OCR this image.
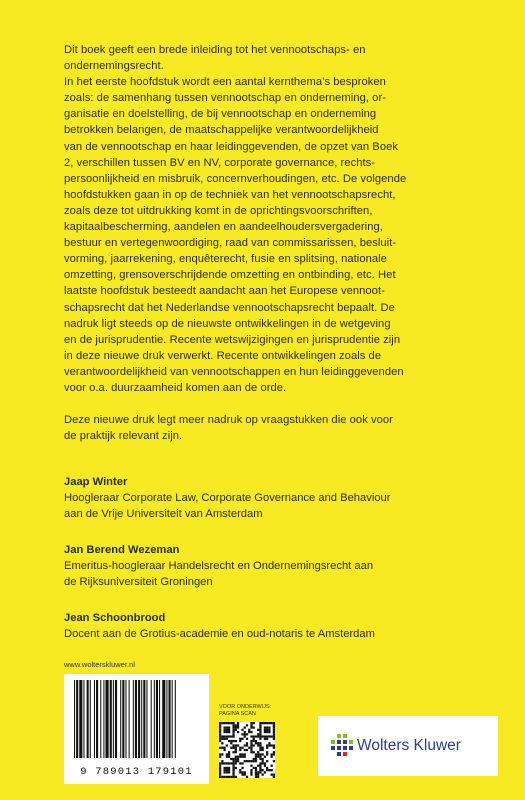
Dit boek geeft een brede inleiding tot het vennootschaps- en

ondernemingsrecht.

In het eerste hoofdstuk wordt een aantal kernthema’s besproken

zoals: de samenhang tussen vennootschap en onderneming, or-

ganisatie en doelstelling, de bij vennootschap en onderneming

betrokken belangen, de maatschappelijke verantwoordelijkheid

van de vennootschap en haar leidinggevenden, de opzet van Boek

2, verschillen tussen BV en NV, corporate governance, rechts-

persoonlijkheid en misbruik, concernverhoudingen, etc. De volgende

hoofdstukken gaan in op de techniek van het vennootschapsrecht,

zoals deze tot uitdrukking komt in de oprichtingsvoorschriften,

kapitaalbescherming, aandelen en aandeelhoudersvergadering,

bestuur en vertegenwoordiging, raad van commissarissen, besluit-

vorming, jaarrekening, enquêterecht, fusie en splitsing, nationale

omzetting, grensoverschrijdende omzetting en ontbinding, etc. Het

laatste hoofdstuk besteedt aandacht aan het Europese vennoot-

schapsrecht dat het Nederlandse vennootschapsrecht bepaalt. De

nadruk ligt steeds op de nieuwste ontwikkelingen in de wetgeving

en de jurisprudentie. Recente wetswijzigingen en jurisprudentie zijn

in deze nieuwe druk verwerkt. Recente ontwikkelingen zoals de

verantwoordelijkheid van vennootschappen en hun leidinggevenden

voor o.a. duurzaamheid komen aan de orde.

Deze nieuwe druk legt meer nadruk op vraagstukken die ook voor

de praktijk relevant zijn.

Jaap Winter
Hoogleraar Corporate Law, Corporate Governance and Behaviour
aan de Vrije Universiteit van Amsterdam
Jan Berend Wezeman
Emeritus-hoogleraar Handelsrecht en Ondernemingsrecht aan
de Rijksuniversiteit Groningen
Jean Schoonbrood
Docent aan de Grotius-academie en oud-notaris te Amsterdam
www.wolterskluwer.nl
9 789013 179101
VOOR ONDERWIJS:
PAGINA SCAN
Wolters Kluwer
